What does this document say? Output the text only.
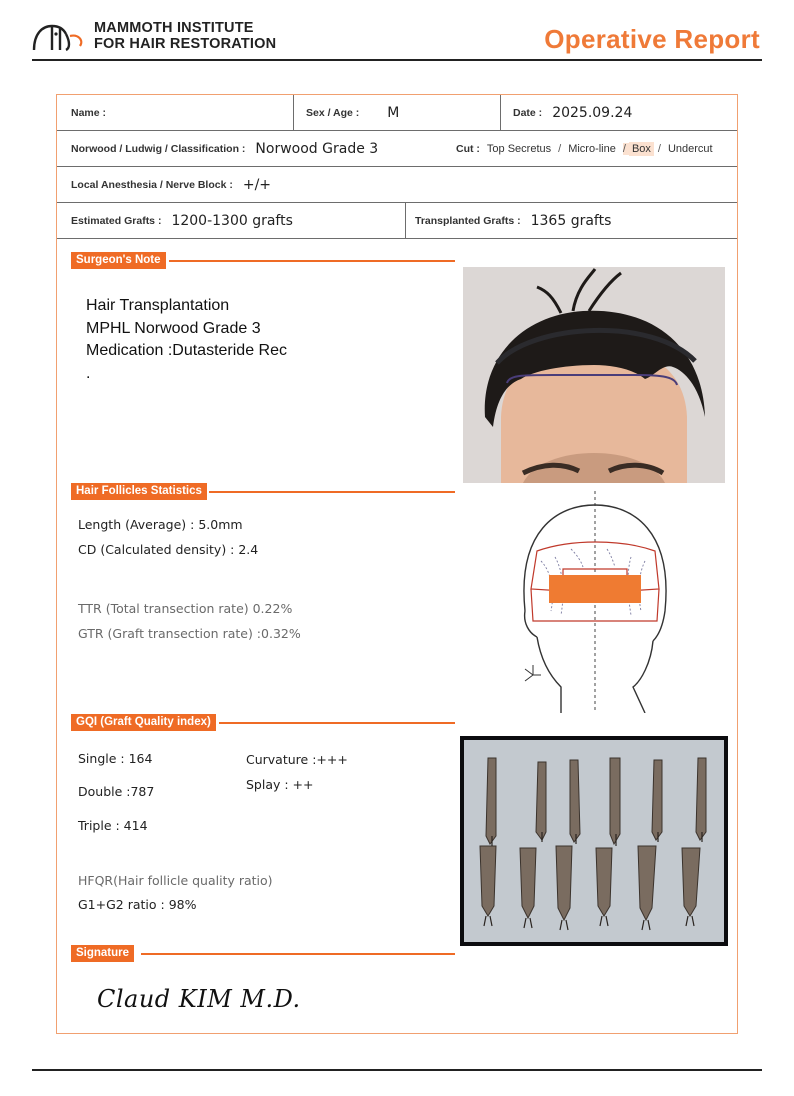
MAMMOTH INSTITUTE
FOR HAIR RESTORATION	Operative Report
Name :	Sex / Age : M	Date : 2025.09.24
Norwood / Ludwig / Classification : Norwood Grade 3	Cut : Top Secretus / Micro-line / Box / Undercut
Local Anesthesia / Nerve Block : +/+
Estimated Grafts : 1200-1300 grafts	Transplanted Grafts : 1365 grafts
Surgeon's Note
Hair Transplantation
MPHL Norwood Grade 3
Medication :Dutasteride Rec
.
Hair Follicles Statistics
Length (Average) : 5.0mm
CD (Calculated density) : 2.4
TTR (Total transection rate) 0.22%
GTR (Graft transection rate) :0.32%
GQI (Graft Quality index)
Single : 164
Double :787
Triple : 414
Curvature :+++
Splay : ++
HFQR(Hair follicle quality ratio)
G1+G2 ratio : 98%
Signature
Claud KIM M.D.
